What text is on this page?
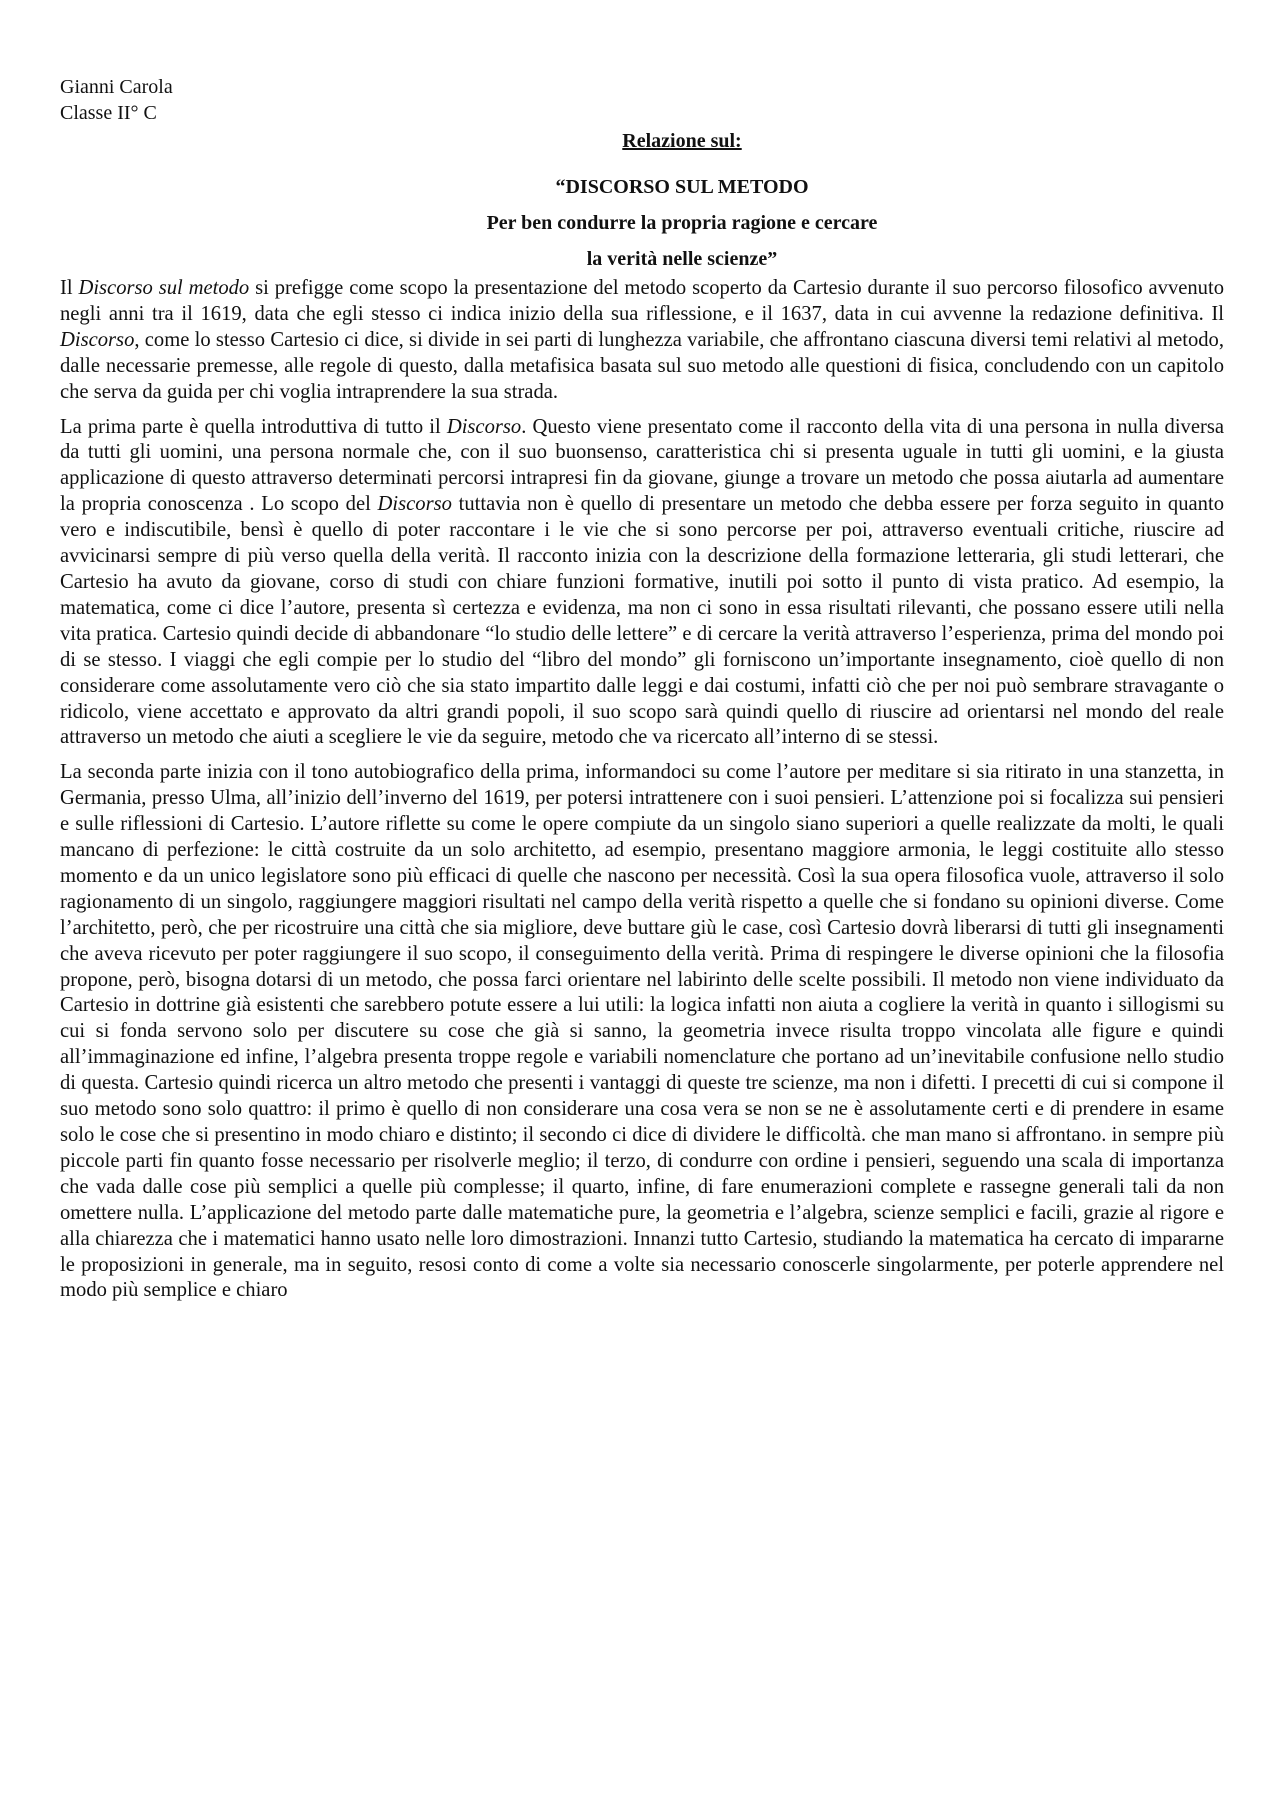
Gianni Carola

Classe II° C

Relazione sul:
“DISCORSO SUL METODO
Per ben condurre la propria ragione e cercare
la verità nelle scienze”

Il Discorso sul metodo si prefigge come scopo la presentazione del metodo scoperto da Cartesio durante il suo percorso filosofico avvenuto negli anni tra il 1619, data che egli stesso ci indica inizio della sua riflessione, e il 1637, data in cui avvenne la redazione definitiva. Il Discorso, come lo stesso Cartesio ci dice, si divide in sei parti di lunghezza variabile, che affrontano ciascuna diversi temi relativi al metodo, dalle necessarie premesse, alle regole di questo, dalla metafisica basata sul suo metodo alle questioni di fisica, concludendo con un capitolo che serva da guida per chi voglia intraprendere la sua strada.

La prima parte è quella introduttiva di tutto il Discorso. Questo viene presentato come il racconto della vita di una persona in nulla diversa da tutti gli uomini, una persona normale che, con il suo buonsenso, caratteristica chi si presenta uguale in tutti gli uomini, e la giusta applicazione di questo attraverso determinati percorsi intrapresi fin da giovane, giunge a trovare un metodo che possa aiutarla ad aumentare la propria conoscenza . Lo scopo del Discorso tuttavia non è quello di presentare un metodo che debba essere per forza seguito in quanto vero e indiscutibile, bensì è quello di poter raccontare i le vie che si sono percorse per poi, attraverso eventuali critiche, riuscire ad avvicinarsi sempre di più verso quella della verità. Il racconto inizia con la descrizione della formazione letteraria, gli studi letterari, che Cartesio ha avuto da giovane, corso di studi con chiare funzioni formative, inutili poi sotto il punto di vista pratico. Ad esempio, la matematica, come ci dice l’autore, presenta sì certezza e evidenza, ma non ci sono in essa risultati rilevanti, che possano essere utili nella vita pratica. Cartesio quindi decide di abbandonare “lo studio delle lettere” e di cercare la verità attraverso l’esperienza, prima del mondo poi di se stesso. I viaggi che egli compie per lo studio del “libro del mondo” gli forniscono un’importante insegnamento, cioè quello di non considerare come assolutamente vero ciò che sia stato impartito dalle leggi e dai costumi, infatti ciò che per noi può sembrare stravagante o ridicolo, viene accettato e approvato da altri grandi popoli, il suo scopo sarà quindi quello di riuscire ad orientarsi nel mondo del reale attraverso un metodo che aiuti a scegliere le vie da seguire, metodo che va ricercato all’interno di se stessi.

La seconda parte inizia con il tono autobiografico della prima, informandoci su come l’autore per meditare si sia ritirato in una stanzetta, in Germania, presso Ulma, all’inizio dell’inverno del 1619, per potersi intrattenere con i suoi pensieri. L’attenzione poi si focalizza sui pensieri e sulle riflessioni di Cartesio. L’autore riflette su come le opere compiute da un singolo siano superiori a quelle realizzate da molti, le quali mancano di perfezione: le città costruite da un solo architetto, ad esempio, presentano maggiore armonia, le leggi costituite allo stesso momento e da un unico legislatore sono più efficaci di quelle che nascono per necessità. Così la sua opera filosofica vuole, attraverso il solo ragionamento di un singolo, raggiungere maggiori risultati nel campo della verità rispetto a quelle che si fondano su opinioni diverse. Come l’architetto, però, che per ricostruire una città che sia migliore, deve buttare giù le case, così Cartesio dovrà liberarsi di tutti gli insegnamenti che aveva ricevuto per poter raggiungere il suo scopo, il conseguimento della verità. Prima di respingere le diverse opinioni che la filosofia propone, però, bisogna dotarsi di un metodo, che possa farci orientare nel labirinto delle scelte possibili. Il metodo non viene individuato da Cartesio in dottrine già esistenti che sarebbero potute essere a lui utili: la logica infatti non aiuta a cogliere la verità in quanto i sillogismi su cui si fonda servono solo per discutere su cose che già si sanno, la geometria invece risulta troppo vincolata alle figure e quindi all’immaginazione ed infine, l’algebra presenta troppe regole e variabili nomenclature che portano ad un’inevitabile confusione nello studio di questa. Cartesio quindi ricerca un altro metodo che presenti i vantaggi di queste tre scienze, ma non i difetti. I precetti di cui si compone il suo metodo sono solo quattro: il primo è quello di non considerare una cosa vera se non se ne è assolutamente certi e di prendere in esame solo le cose che si presentino in modo chiaro e distinto; il secondo ci dice di dividere le difficoltà. che man mano si affrontano. in sempre più piccole parti fin quanto fosse necessario per risolverle meglio; il terzo, di condurre con ordine i pensieri, seguendo una scala di importanza che vada dalle cose più semplici a quelle più complesse; il quarto, infine, di fare enumerazioni complete e rassegne generali tali da non omettere nulla. L’applicazione del metodo parte dalle matematiche pure, la geometria e l’algebra, scienze semplici e facili, grazie al rigore e alla chiarezza che i matematici hanno usato nelle loro dimostrazioni. Innanzi tutto Cartesio, studiando la matematica ha cercato di impararne le proposizioni in generale, ma in seguito, resosi conto di come a volte sia necessario conoscerle singolarmente, per poterle apprendere nel modo più semplice e chiaro
